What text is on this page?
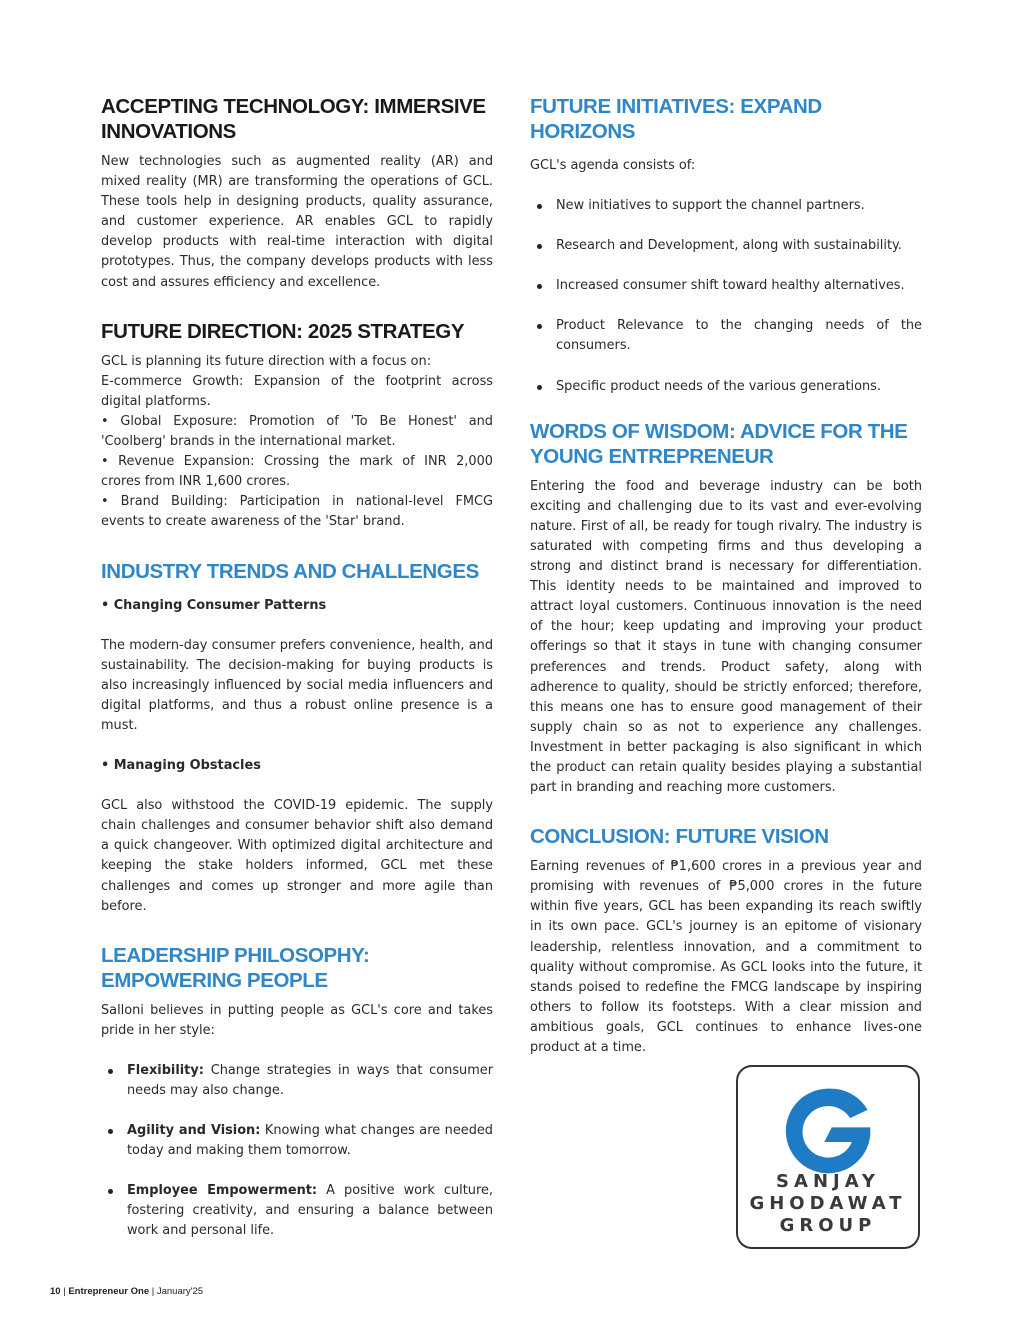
ACCEPTING TECHNOLOGY: IMMERSIVE
INNOVATIONS

New technologies such as augmented reality (AR) and mixed reality (MR) are transforming the operations of GCL. These tools help in designing products, quality assurance, and customer experience. AR enables GCL to rapidly develop products with real-time interaction with digital prototypes. Thus, the company develops products with less cost and assures efficiency and excellence.

FUTURE DIRECTION: 2025 STRATEGY

GCL is planning its future direction with a focus on:

E-commerce Growth: Expansion of the footprint across digital platforms.

• Global Exposure: Promotion of 'To Be Honest' and 'Coolberg' brands in the international market.

• Revenue Expansion: Crossing the mark of INR 2,000 crores from INR 1,600 crores.

• Brand Building: Participation in national-level FMCG events to create awareness of the 'Star' brand.

INDUSTRY TRENDS AND CHALLENGES

• Changing Consumer Patterns

The modern-day consumer prefers convenience, health, and sustainability. The decision-making for buying products is also increasingly influenced by social media influencers and digital platforms, and thus a robust online presence is a must.

• Managing Obstacles

GCL also withstood the COVID-19 epidemic. The supply chain challenges and consumer behavior shift also demand a quick changeover. With optimized digital architecture and keeping the stake holders informed, GCL met these challenges and comes up stronger and more agile than before.

LEADERSHIP PHILOSOPHY:
EMPOWERING PEOPLE

Salloni believes in putting people as GCL's core and takes pride in her style:

Flexibility: Change strategies in ways that consumer needs may also change.
Agility and Vision: Knowing what changes are needed today and making them tomorrow.
Employee Empowerment: A positive work culture, fostering creativity, and ensuring a balance between work and personal life.
FUTURE INITIATIVES: EXPAND HORIZONS

GCL's agenda consists of:

New initiatives to support the channel partners.
Research and Development, along with sustainability.
Increased consumer shift toward healthy alternatives.
Product Relevance to the changing needs of the consumers.
Specific product needs of the various generations.
WORDS OF WISDOM: ADVICE FOR THE
YOUNG ENTREPRENEUR

Entering the food and beverage industry can be both exciting and challenging due to its vast and ever-evolving nature. First of all, be ready for tough rivalry. The industry is saturated with competing firms and thus developing a strong and distinct brand is necessary for differentiation. This identity needs to be maintained and improved to attract loyal customers. Continuous innovation is the need of the hour; keep updating and improving your product offerings so that it stays in tune with changing consumer preferences and trends. Product safety, along with adherence to quality, should be strictly enforced; therefore, this means one has to ensure good management of their supply chain so as not to experience any challenges. Investment in better packaging is also significant in which the product can retain quality besides playing a substantial part in branding and reaching more customers.

CONCLUSION: FUTURE VISION

Earning revenues of ₱1,600 crores in a previous year and promising with revenues of ₱5,000 crores in the future within five years, GCL has been expanding its reach swiftly in its own pace. GCL's journey is an epitome of visionary leadership, relentless innovation, and a commitment to quality without compromise. As GCL looks into the future, it stands poised to redefine the FMCG landscape by inspiring others to follow its footsteps. With a clear mission and ambitious goals, GCL continues to enhance lives-one product at a time.

SANJAY
GHODAWAT
GROUP
10 | Entrepreneur One | January'25
